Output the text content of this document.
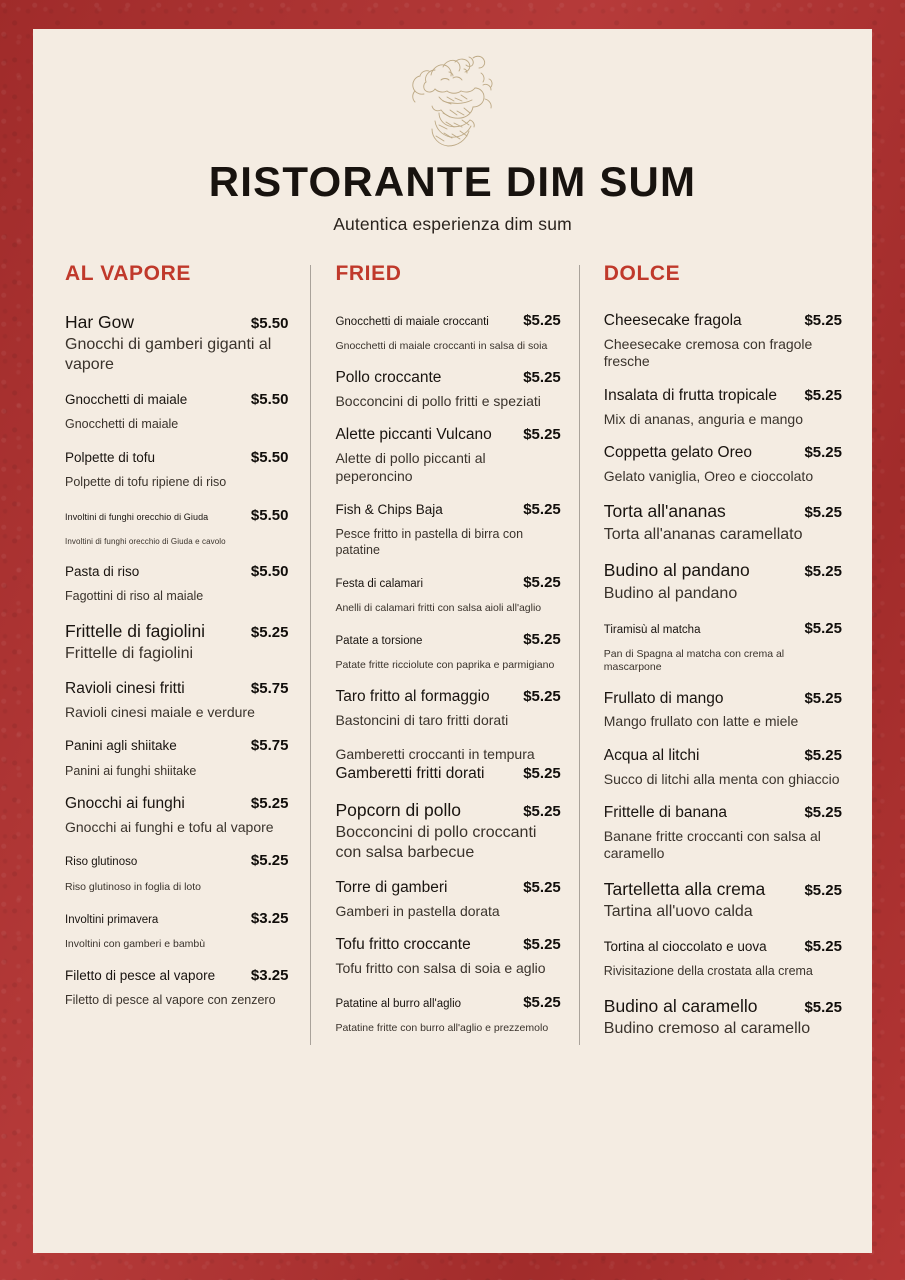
RISTORANTE DIM SUM
Autentica esperienza dim sum
AL VAPORE
Har Gow	$5.50
Gnocchi di gamberi giganti al vapore
Gnocchetti di maiale	$5.50
Gnocchetti di maiale
Polpette di tofu	$5.50
Polpette di tofu ripiene di riso
Involtini di funghi orecchio di Giuda	$5.50
Involtini di funghi orecchio di Giuda e cavolo
Pasta di riso	$5.50
Fagottini di riso al maiale
Frittelle di fagiolini	$5.25
Frittelle di fagiolini
Ravioli cinesi fritti	$5.75
Ravioli cinesi maiale e verdure
Panini agli shiitake	$5.75
Panini ai funghi shiitake
Gnocchi ai funghi	$5.25
Gnocchi ai funghi e tofu al vapore
Riso glutinoso	$5.25
Riso glutinoso in foglia di loto
Involtini primavera	$3.25
Involtini con gamberi e bambù
Filetto di pesce al vapore	$3.25
Filetto di pesce al vapore con zenzero
FRIED
Gnocchetti di maiale croccanti	$5.25
Gnocchetti di maiale croccanti in salsa di soia
Pollo croccante	$5.25
Bocconcini di pollo fritti e speziati
Alette piccanti Vulcano	$5.25
Alette di pollo piccanti al peperoncino
Fish & Chips Baja	$5.25
Pesce fritto in pastella di birra con patatine
Festa di calamari	$5.25
Anelli di calamari fritti con salsa aioli all'aglio
Patate a torsione	$5.25
Patate fritte ricciolute con paprika e parmigiano
Taro fritto al formaggio	$5.25
Bastoncini di taro fritti dorati
Gamberetti croccanti in tempura
Gamberetti fritti dorati	$5.25
Popcorn di pollo	$5.25
Bocconcini di pollo croccanti con salsa barbecue
Torre di gamberi	$5.25
Gamberi in pastella dorata
Tofu fritto croccante	$5.25
Tofu fritto con salsa di soia e aglio
Patatine al burro all'aglio	$5.25
Patatine fritte con burro all'aglio e prezzemolo
DOLCE
Cheesecake fragola	$5.25
Cheesecake cremosa con fragole fresche
Insalata di frutta tropicale	$5.25
Mix di ananas, anguria e mango
Coppetta gelato Oreo	$5.25
Gelato vaniglia, Oreo e cioccolato
Torta all'ananas	$5.25
Torta all'ananas caramellato
Budino al pandano	$5.25
Budino al pandano
Tiramisù al matcha	$5.25
Pan di Spagna al matcha con crema al mascarpone
Frullato di mango	$5.25
Mango frullato con latte e miele
Acqua al litchi	$5.25
Succo di litchi alla menta con ghiaccio
Frittelle di banana	$5.25
Banane fritte croccanti con salsa al caramello
Tartelletta alla crema	$5.25
Tartina all'uovo calda
Tortina al cioccolato e uova	$5.25
Rivisitazione della crostata alla crema
Budino al caramello	$5.25
Budino cremoso al caramello
